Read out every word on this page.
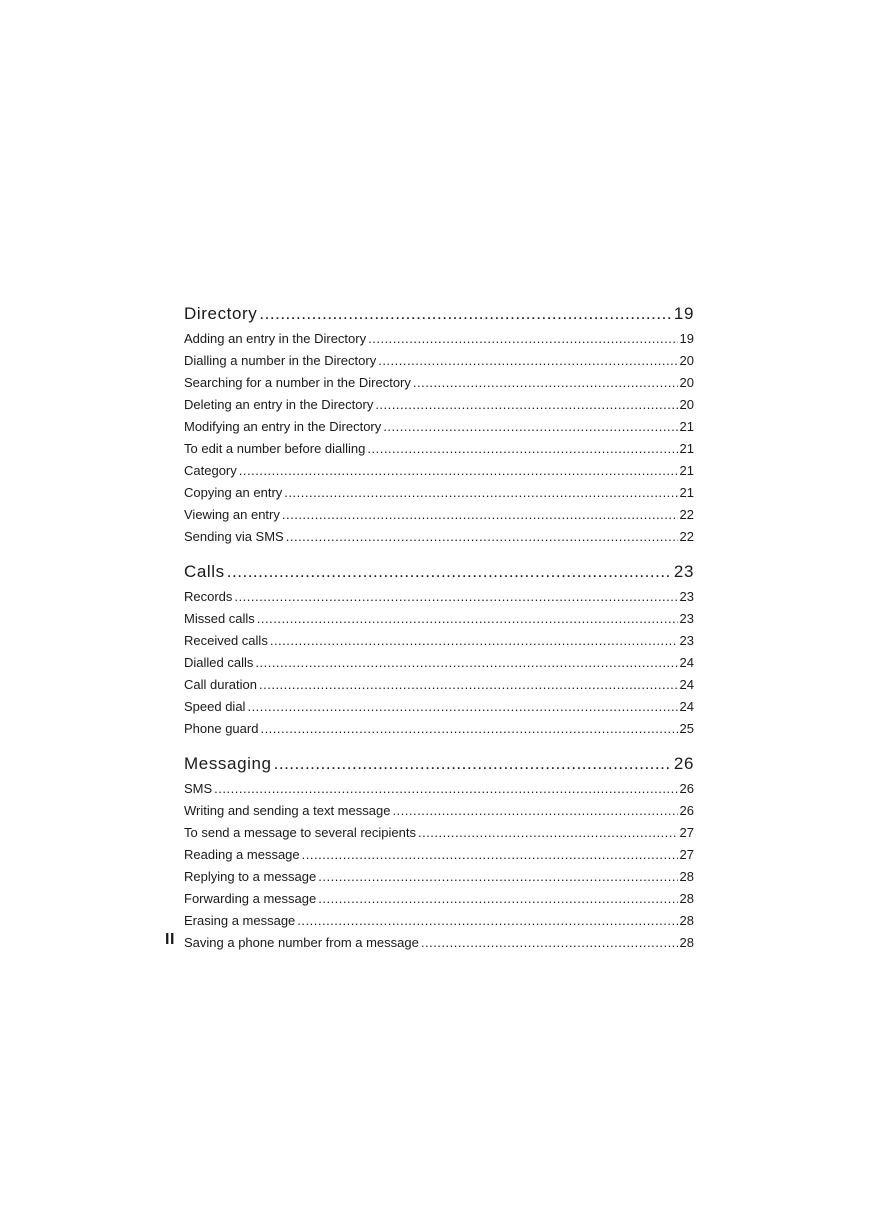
Directory .....	19
Adding an entry in the Directory .....	19
Dialling a number in the Directory .....	20
Searching for a number in the Directory .....	20
Deleting an entry in the Directory .....	20
Modifying an entry in the Directory .....	21
To edit a number before dialling .....	21
Category .....	21
Copying an entry .....	21
Viewing an entry .....	22
Sending via SMS .....	22
Calls .....	23
Records .....	23
Missed calls .....	23
Received calls .....	23
Dialled calls .....	24
Call duration .....	24
Speed dial .....	24
Phone guard .....	25
Messaging .....	26
SMS .....	26
Writing and sending a text message .....	26
To send a message to several recipients .....	27
Reading a message .....	27
Replying to a message .....	28
Forwarding a message .....	28
Erasing a message .....	28
Saving a phone number from a message .....	28
II
